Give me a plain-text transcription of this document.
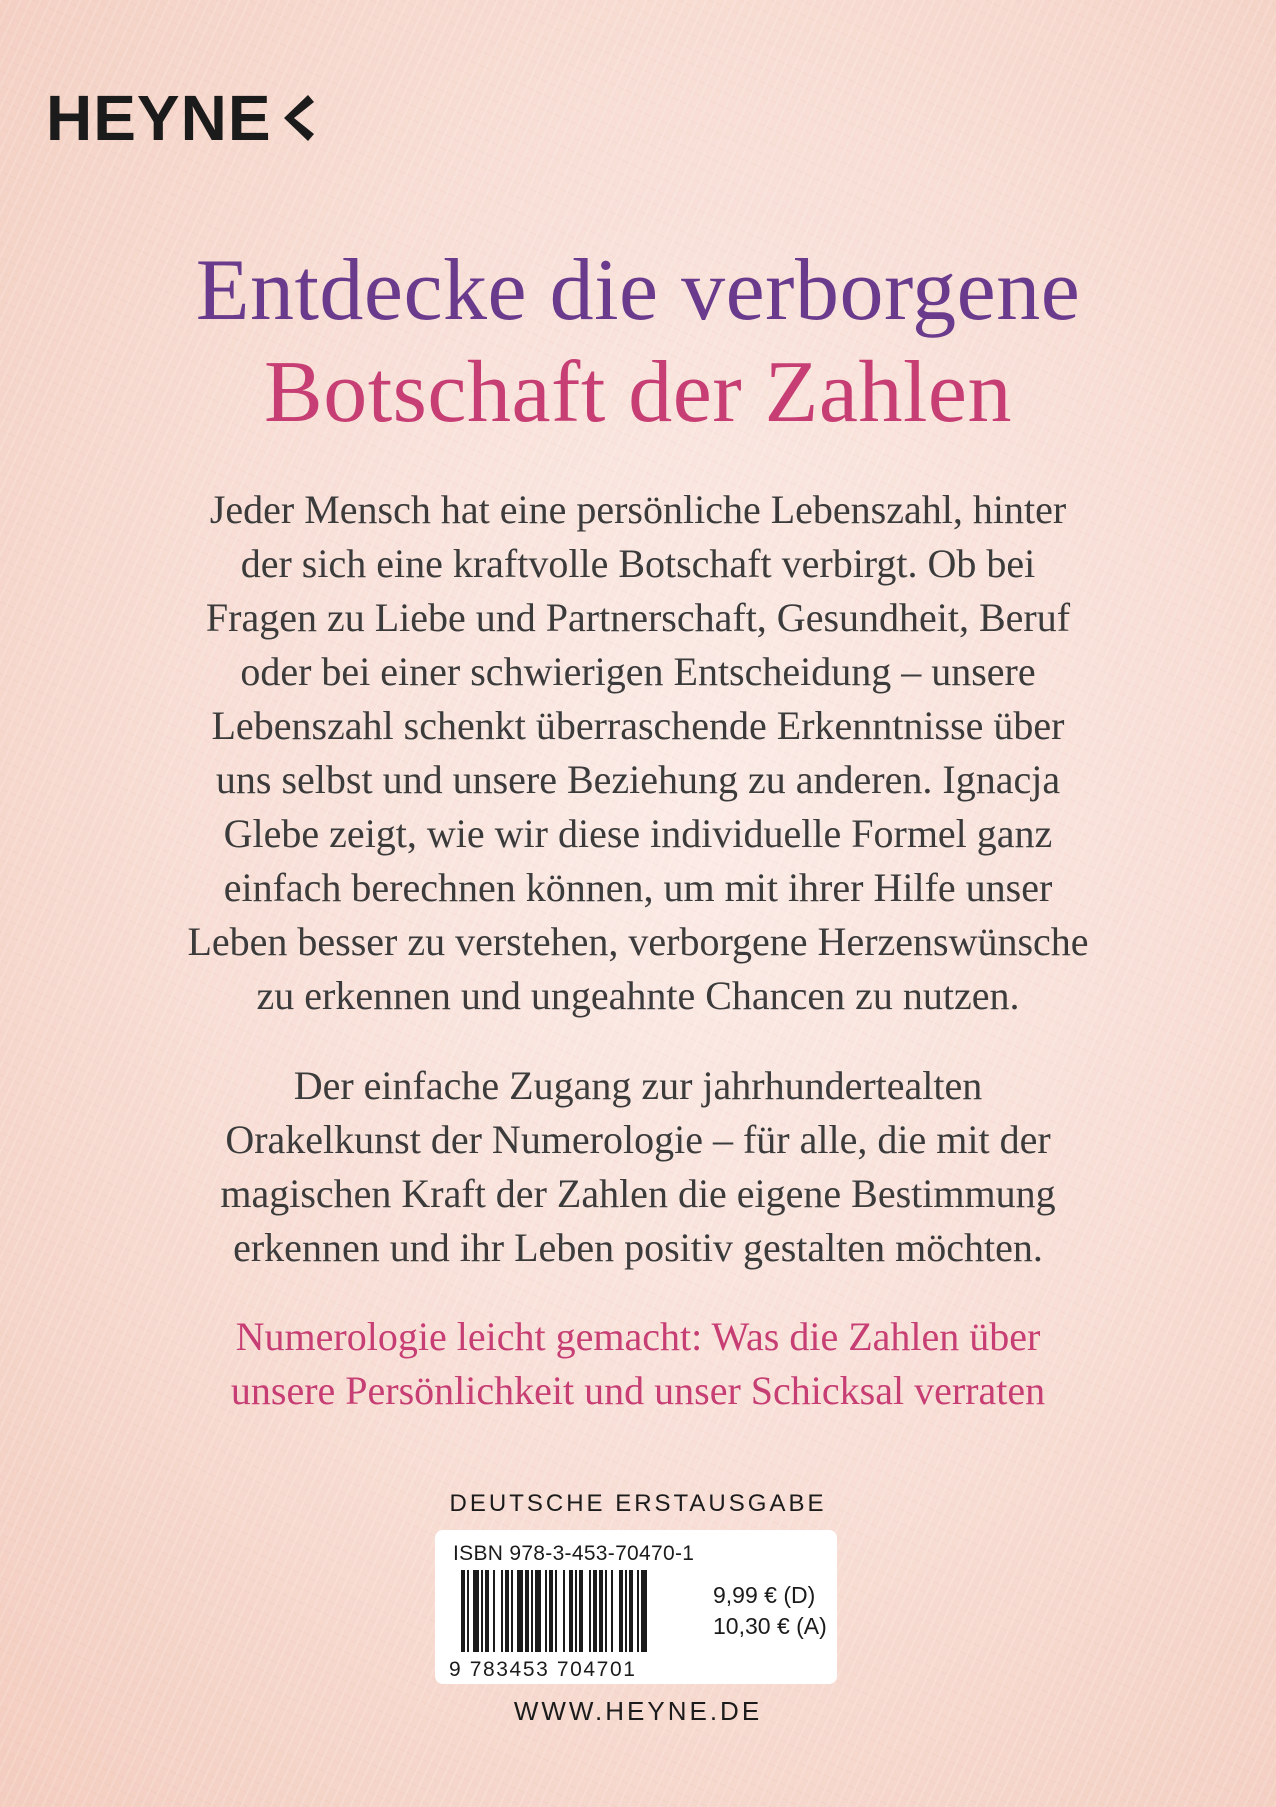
HEYNE
Entdecke die verborgene
Botschaft der Zahlen

Jeder Mensch hat eine persönliche Lebenszahl, hinter
der sich eine kraftvolle Botschaft verbirgt. Ob bei
Fragen zu Liebe und Partnerschaft, Gesundheit, Beruf
oder bei einer schwierigen Entscheidung – unsere
Lebenszahl schenkt überraschende Erkenntnisse über
uns selbst und unsere Beziehung zu anderen. Ignacja
Glebe zeigt, wie wir diese individuelle Formel ganz
einfach berechnen können, um mit ihrer Hilfe unser
Leben besser zu verstehen, verborgene Herzenswünsche
zu erkennen und ungeahnte Chancen zu nutzen.

Der einfache Zugang zur jahrhundertealten
Orakelkunst der Numerologie – für alle, die mit der
magischen Kraft der Zahlen die eigene Bestimmung
erkennen und ihr Leben positiv gestalten möchten.

Numerologie leicht gemacht: Was die Zahlen über
unsere Persönlichkeit und unser Schicksal verraten

DEUTSCHE ERSTAUSGABE
ISBN 978-3-453-70470-1
9 783453 704701
9,99 € (D)
10,30 € (A)
WWW.HEYNE.DE
